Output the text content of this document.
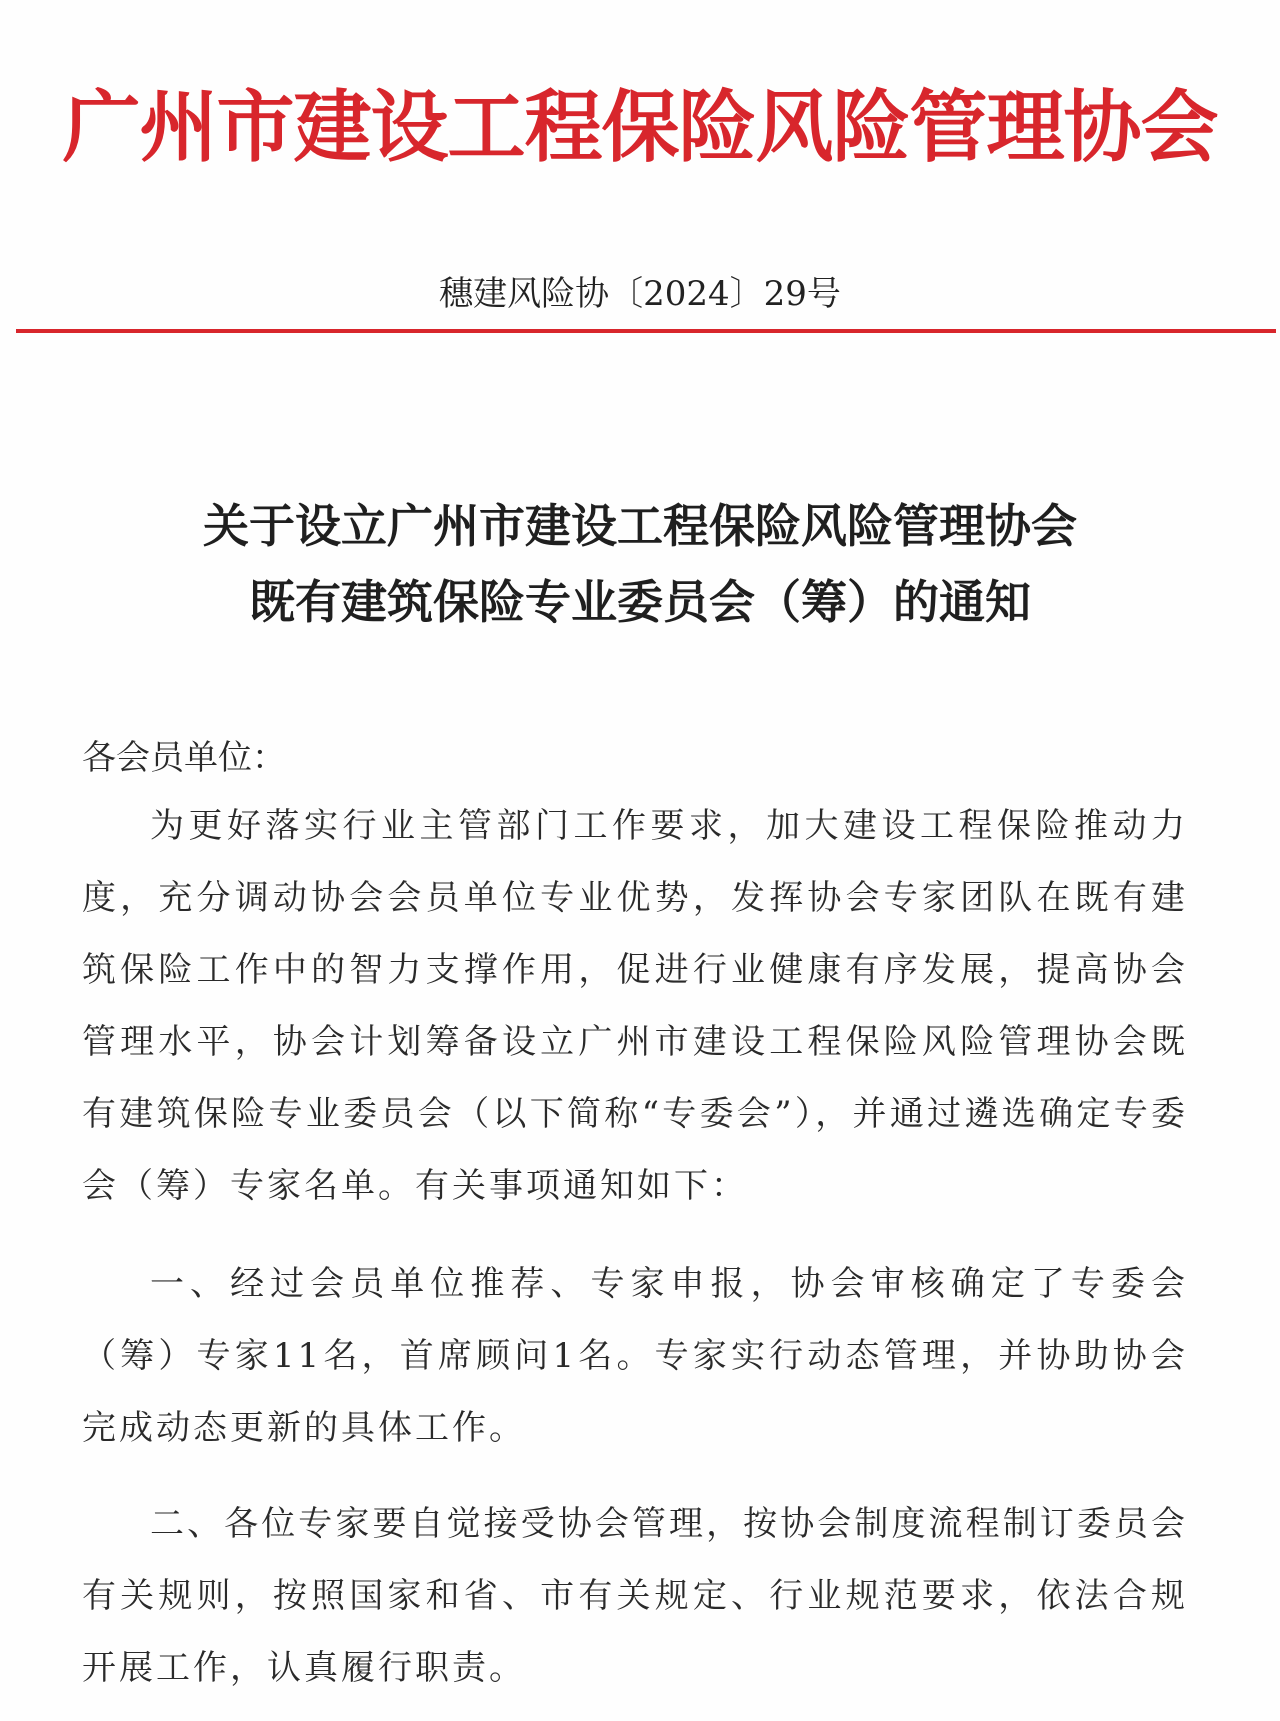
广州市建设工程保险风险管理协会
穗建风险协〔2024〕29号
关于设立广州市建设工程保险风险管理协会
既有建筑保险专业委员会（筹）的通知
各会员单位：
为更好落实行业主管部门工作要求，加大建设工程保险推动力度，充分调动协会会员单位专业优势，发挥协会专家团队在既有建筑保险工作中的智力支撑作用，促进行业健康有序发展，提高协会管理水平，协会计划筹备设立广州市建设工程保险风险管理协会既有建筑保险专业委员会（以下简称“专委会”），并通过遴选确定专委会（筹）专家名单。有关事项通知如下：
一、经过会员单位推荐、专家申报，协会审核确定了专委会（筹）专家11名，首席顾问1名。专家实行动态管理，并协助协会完成动态更新的具体工作。
二、各位专家要自觉接受协会管理，按协会制度流程制订委员会有关规则，按照国家和省、市有关规定、行业规范要求，依法合规开展工作，认真履行职责。
